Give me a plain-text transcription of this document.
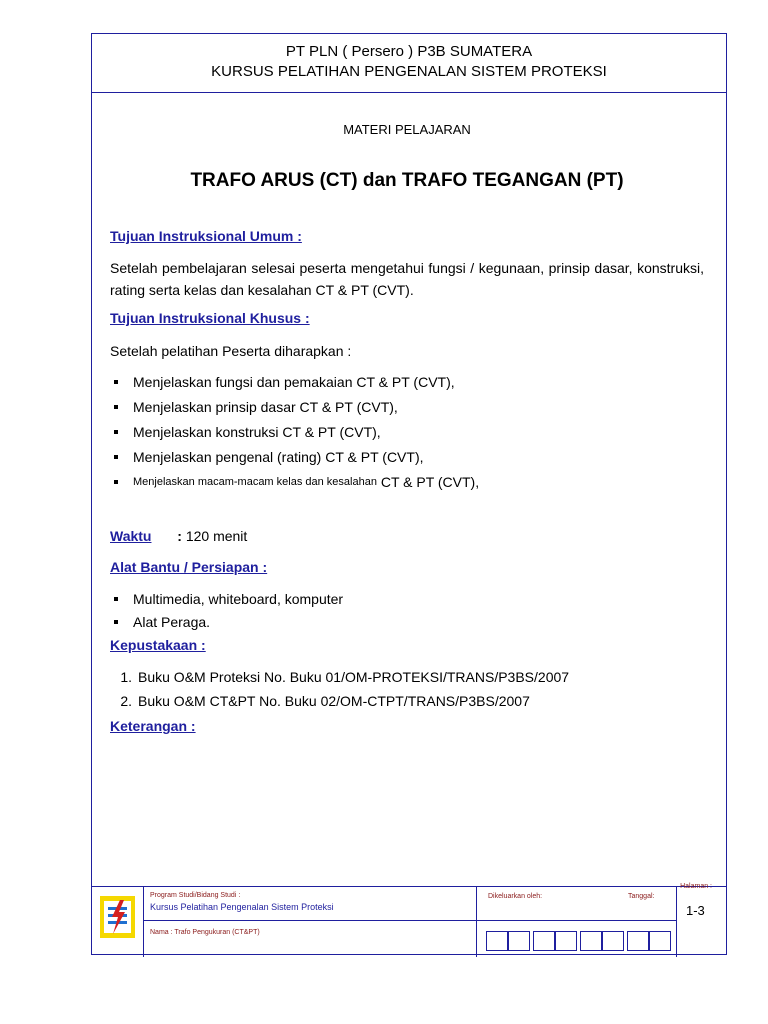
PT PLN ( Persero ) P3B SUMATERA
KURSUS PELATIHAN PENGENALAN SISTEM PROTEKSI
MATERI PELAJARAN
TRAFO ARUS (CT) dan TRAFO TEGANGAN (PT)
Tujuan Instruksional Umum :
Setelah pembelajaran selesai peserta mengetahui fungsi / kegunaan, prinsip dasar, konstruksi, rating serta kelas dan kesalahan CT & PT (CVT).
Tujuan Instruksional Khusus :
Setelah pelatihan Peserta diharapkan :
Menjelaskan fungsi dan pemakaian CT & PT (CVT),
Menjelaskan prinsip dasar CT & PT (CVT),
Menjelaskan konstruksi CT & PT (CVT),
Menjelaskan pengenal (rating) CT & PT (CVT),
Menjelaskan macam-macam kelas dan kesalahan
CT & PT (CVT),
Waktu : 120 menit
Alat Bantu / Persiapan :
Multimedia, whiteboard, komputer
Alat Peraga.
Kepustakaan :
1. Buku O&M Proteksi No. Buku 01/OM-PROTEKSI/TRANS/P3BS/2007
2. Buku O&M CT&PT No. Buku 02/OM-CTPT/TRANS/P3BS/2007
Keterangan :
Halaman :
Program Studi/Bidang Studi :
Kursus Pelatihan Pengenalan Sistem Proteksi
Nama : Trafo Pengukuran (CT&PT)
Dikeluarkan oleh:	Tanggal:
1-3
